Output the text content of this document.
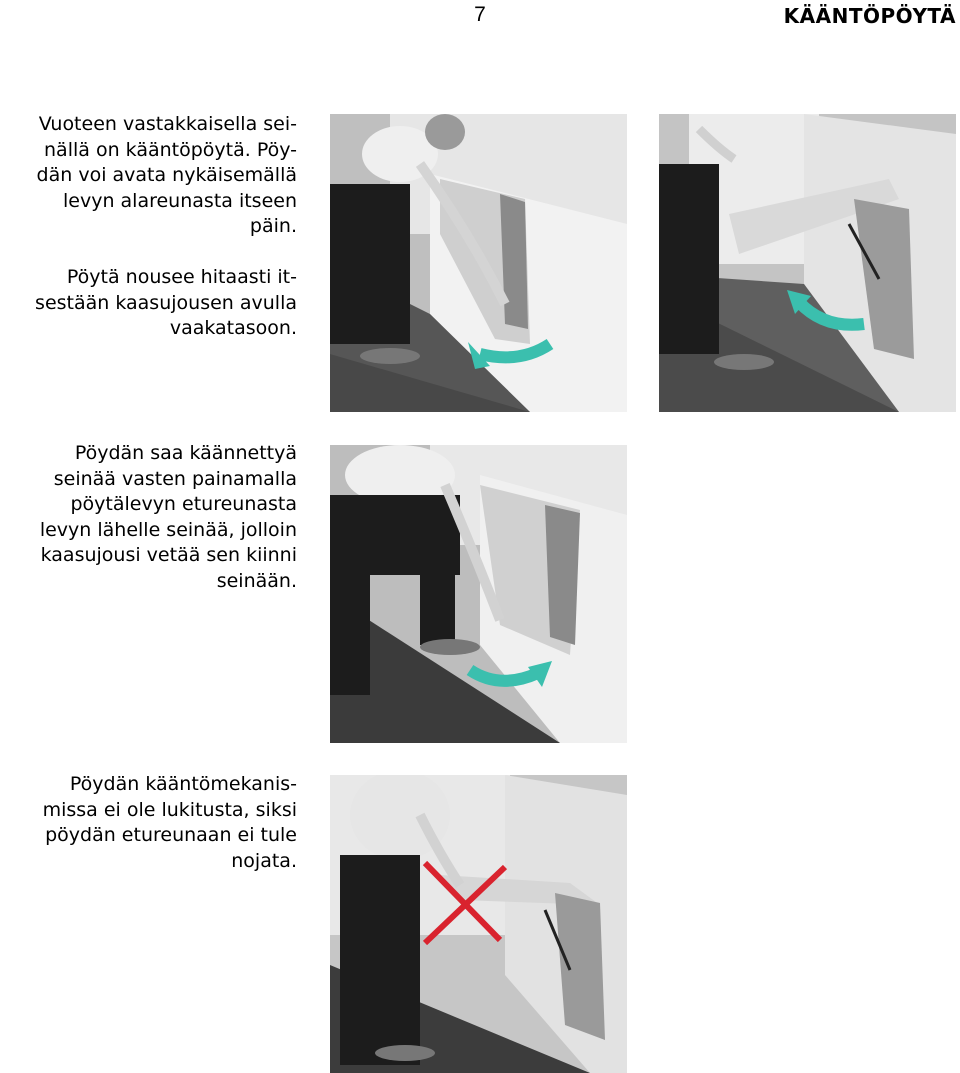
7	KÄÄNTÖPÖYTÄ
Vuoteen vastakkaisella sei-
nällä on kääntöpöytä. Pöy-
dän voi avata nykäisemällä
levyn alareunasta itseen
päin.
Pöytä nousee hitaasti it-
sestään kaasujousen avulla
vaakatasoon.
Pöydän saa käännettyä
seinää vasten painamalla
pöytälevyn etureunasta
levyn lähelle seinää, jolloin
kaasujousi vetää sen kiinni
seinään.
Pöydän kääntömekanis-
missa ei ole lukitusta, siksi
pöydän etureunaan ei tule
nojata.
